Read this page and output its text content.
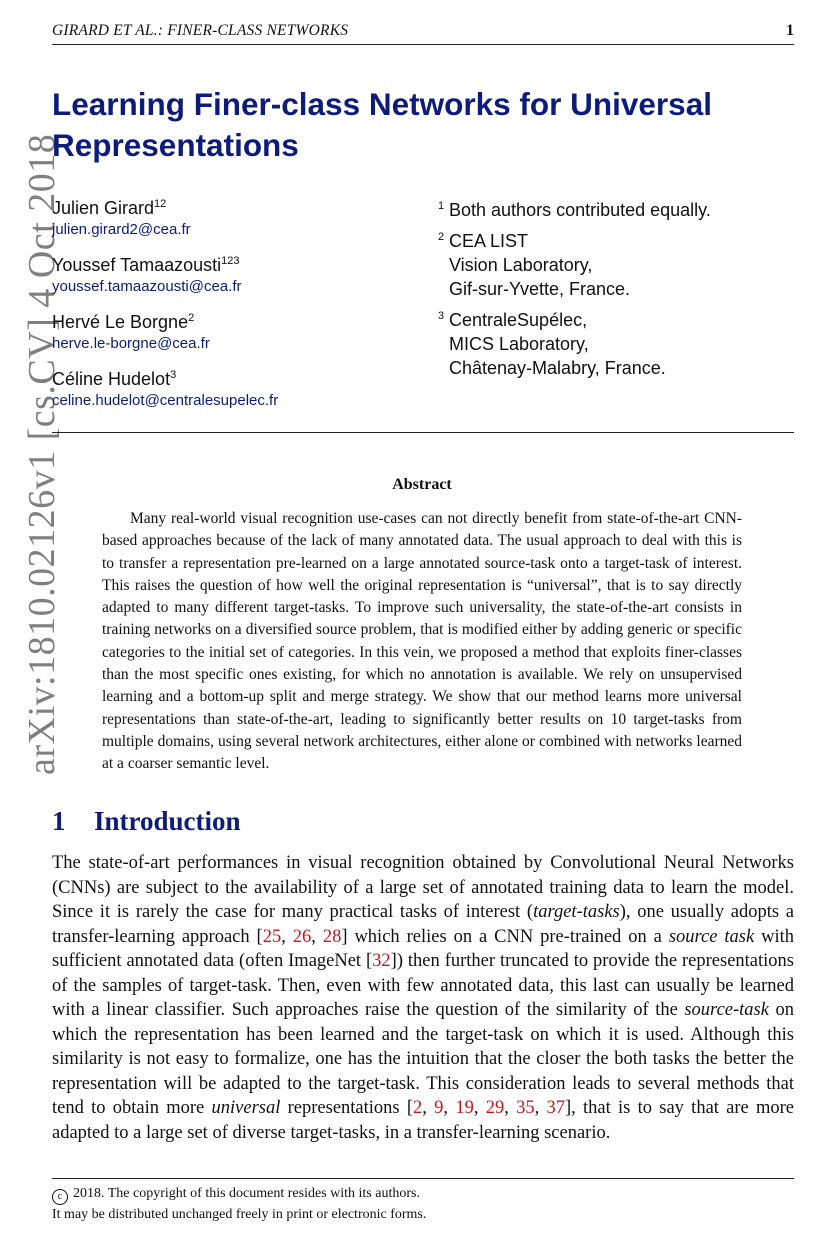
GIRARD ET AL.: FINER-CLASS NETWORKS	1
arXiv:1810.02126v1 [cs.CV] 4 Oct 2018
Learning Finer-class Networks for Universal Representations
Julien Girard$^{12}$
julien.girard2@cea.fr
Youssef Tamaazousti$^{123}$
youssef.tamaazousti@cea.fr
Hervé Le Borgne$^2$
herve.le-borgne@cea.fr
Céline Hudelot$^3$
celine.hudelot@centralesupelec.fr
1 Both authors contributed equally.
2 CEA LIST
Vision Laboratory,
Gif-sur-Yvette, France.
3 CentraleSupélec,
MICS Laboratory,
Châtenay-Malabry, France.
Abstract
Many real-world visual recognition use-cases can not directly benefit from state-of-the-art CNN-based approaches because of the lack of many annotated data. The usual approach to deal with this is to transfer a representation pre-learned on a large annotated source-task onto a target-task of interest. This raises the question of how well the original representation is “universal”, that is to say directly adapted to many different target-tasks. To improve such universality, the state-of-the-art consists in training networks on a diversified source problem, that is modified either by adding generic or specific categories to the initial set of categories. In this vein, we proposed a method that exploits finer-classes than the most specific ones existing, for which no annotation is available. We rely on unsupervised learning and a bottom-up split and merge strategy. We show that our method learns more universal representations than state-of-the-art, leading to significantly better results on 10 target-tasks from multiple domains, using several network architectures, either alone or combined with networks learned at a coarser semantic level.
1 Introduction
The state-of-art performances in visual recognition obtained by Convolutional Neural Networks (CNNs) are subject to the availability of a large set of annotated training data to learn the model. Since it is rarely the case for many practical tasks of interest (target-tasks), one usually adopts a transfer-learning approach [25, 26, 28] which relies on a CNN pre-trained on a source task with sufficient annotated data (often ImageNet [32]) then further truncated to provide the representations of the samples of target-task. Then, even with few annotated data, this last can usually be learned with a linear classifier. Such approaches raise the question of the similarity of the source-task on which the representation has been learned and the target-task on which it is used. Although this similarity is not easy to formalize, one has the intuition that the closer the both tasks the better the representation will be adapted to the target-task. This consideration leads to several methods that tend to obtain more universal representations [2, 9, 19, 29, 35, 37], that is to say that are more adapted to a large set of diverse target-tasks, in a transfer-learning scenario.
c 2018. The copyright of this document resides with its authors.
It may be distributed unchanged freely in print or electronic forms.
